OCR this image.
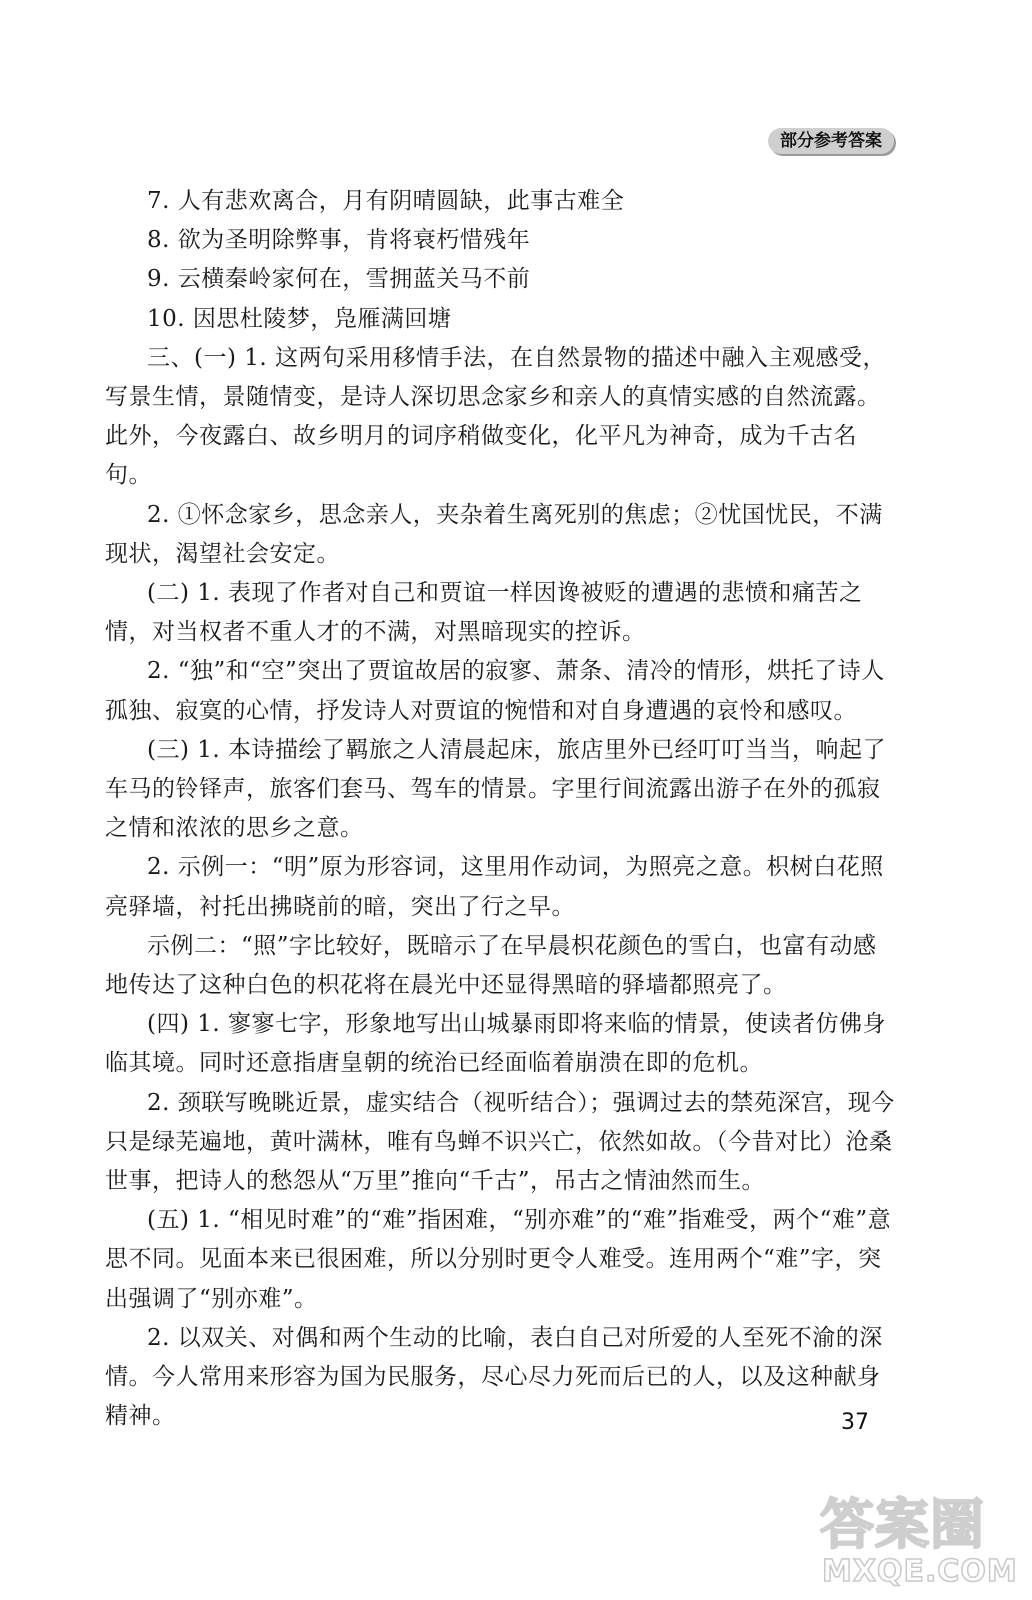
部分参考答案

7. 人有悲欢离合，月有阴晴圆缺，此事古难全

8. 欲为圣明除弊事，肯将衰朽惜残年

9. 云横秦岭家何在，雪拥蓝关马不前

10. 因思杜陵梦，凫雁满回塘

三、(一) 1. 这两句采用移情手法，在自然景物的描述中融入主观感受，写景生情，景随情变，是诗人深切思念家乡和亲人的真情实感的自然流露。此外，今夜露白、故乡明月的词序稍做变化，化平凡为神奇，成为千古名句。

2. ①怀念家乡，思念亲人，夹杂着生离死别的焦虑；②忧国忧民，不满现状，渴望社会安定。

(二) 1. 表现了作者对自己和贾谊一样因谗被贬的遭遇的悲愤和痛苦之情，对当权者不重人才的不满，对黑暗现实的控诉。

2. “独”和“空”突出了贾谊故居的寂寥、萧条、清冷的情形，烘托了诗人孤独、寂寞的心情，抒发诗人对贾谊的惋惜和对自身遭遇的哀怜和感叹。

(三) 1. 本诗描绘了羁旅之人清晨起床，旅店里外已经叮叮当当，响起了车马的铃铎声，旅客们套马、驾车的情景。字里行间流露出游子在外的孤寂之情和浓浓的思乡之意。

2. 示例一：“明”原为形容词，这里用作动词，为照亮之意。枳树白花照亮驿墙，衬托出拂晓前的暗，突出了行之早。

示例二：“照”字比较好，既暗示了在早晨枳花颜色的雪白，也富有动感地传达了这种白色的枳花将在晨光中还显得黑暗的驿墙都照亮了。

(四) 1. 寥寥七字，形象地写出山城暴雨即将来临的情景，使读者仿佛身临其境。同时还意指唐皇朝的统治已经面临着崩溃在即的危机。

2. 颈联写晚眺近景，虚实结合（视听结合）；强调过去的禁苑深宫，现今只是绿芜遍地，黄叶满林，唯有鸟蝉不识兴亡，依然如故。（今昔对比）沧桑世事，把诗人的愁怨从“万里”推向“千古”，吊古之情油然而生。

(五) 1. “相见时难”的“难”指困难，“别亦难”的“难”指难受，两个“难”意思不同。见面本来已很困难，所以分别时更令人难受。连用两个“难”字，突出强调了“别亦难”。

2. 以双关、对偶和两个生动的比喻，表白自己对所爱的人至死不渝的深情。今人常用来形容为国为民服务，尽心尽力死而后已的人，以及这种献身精神。	37
答案圈
MXQE.COM
